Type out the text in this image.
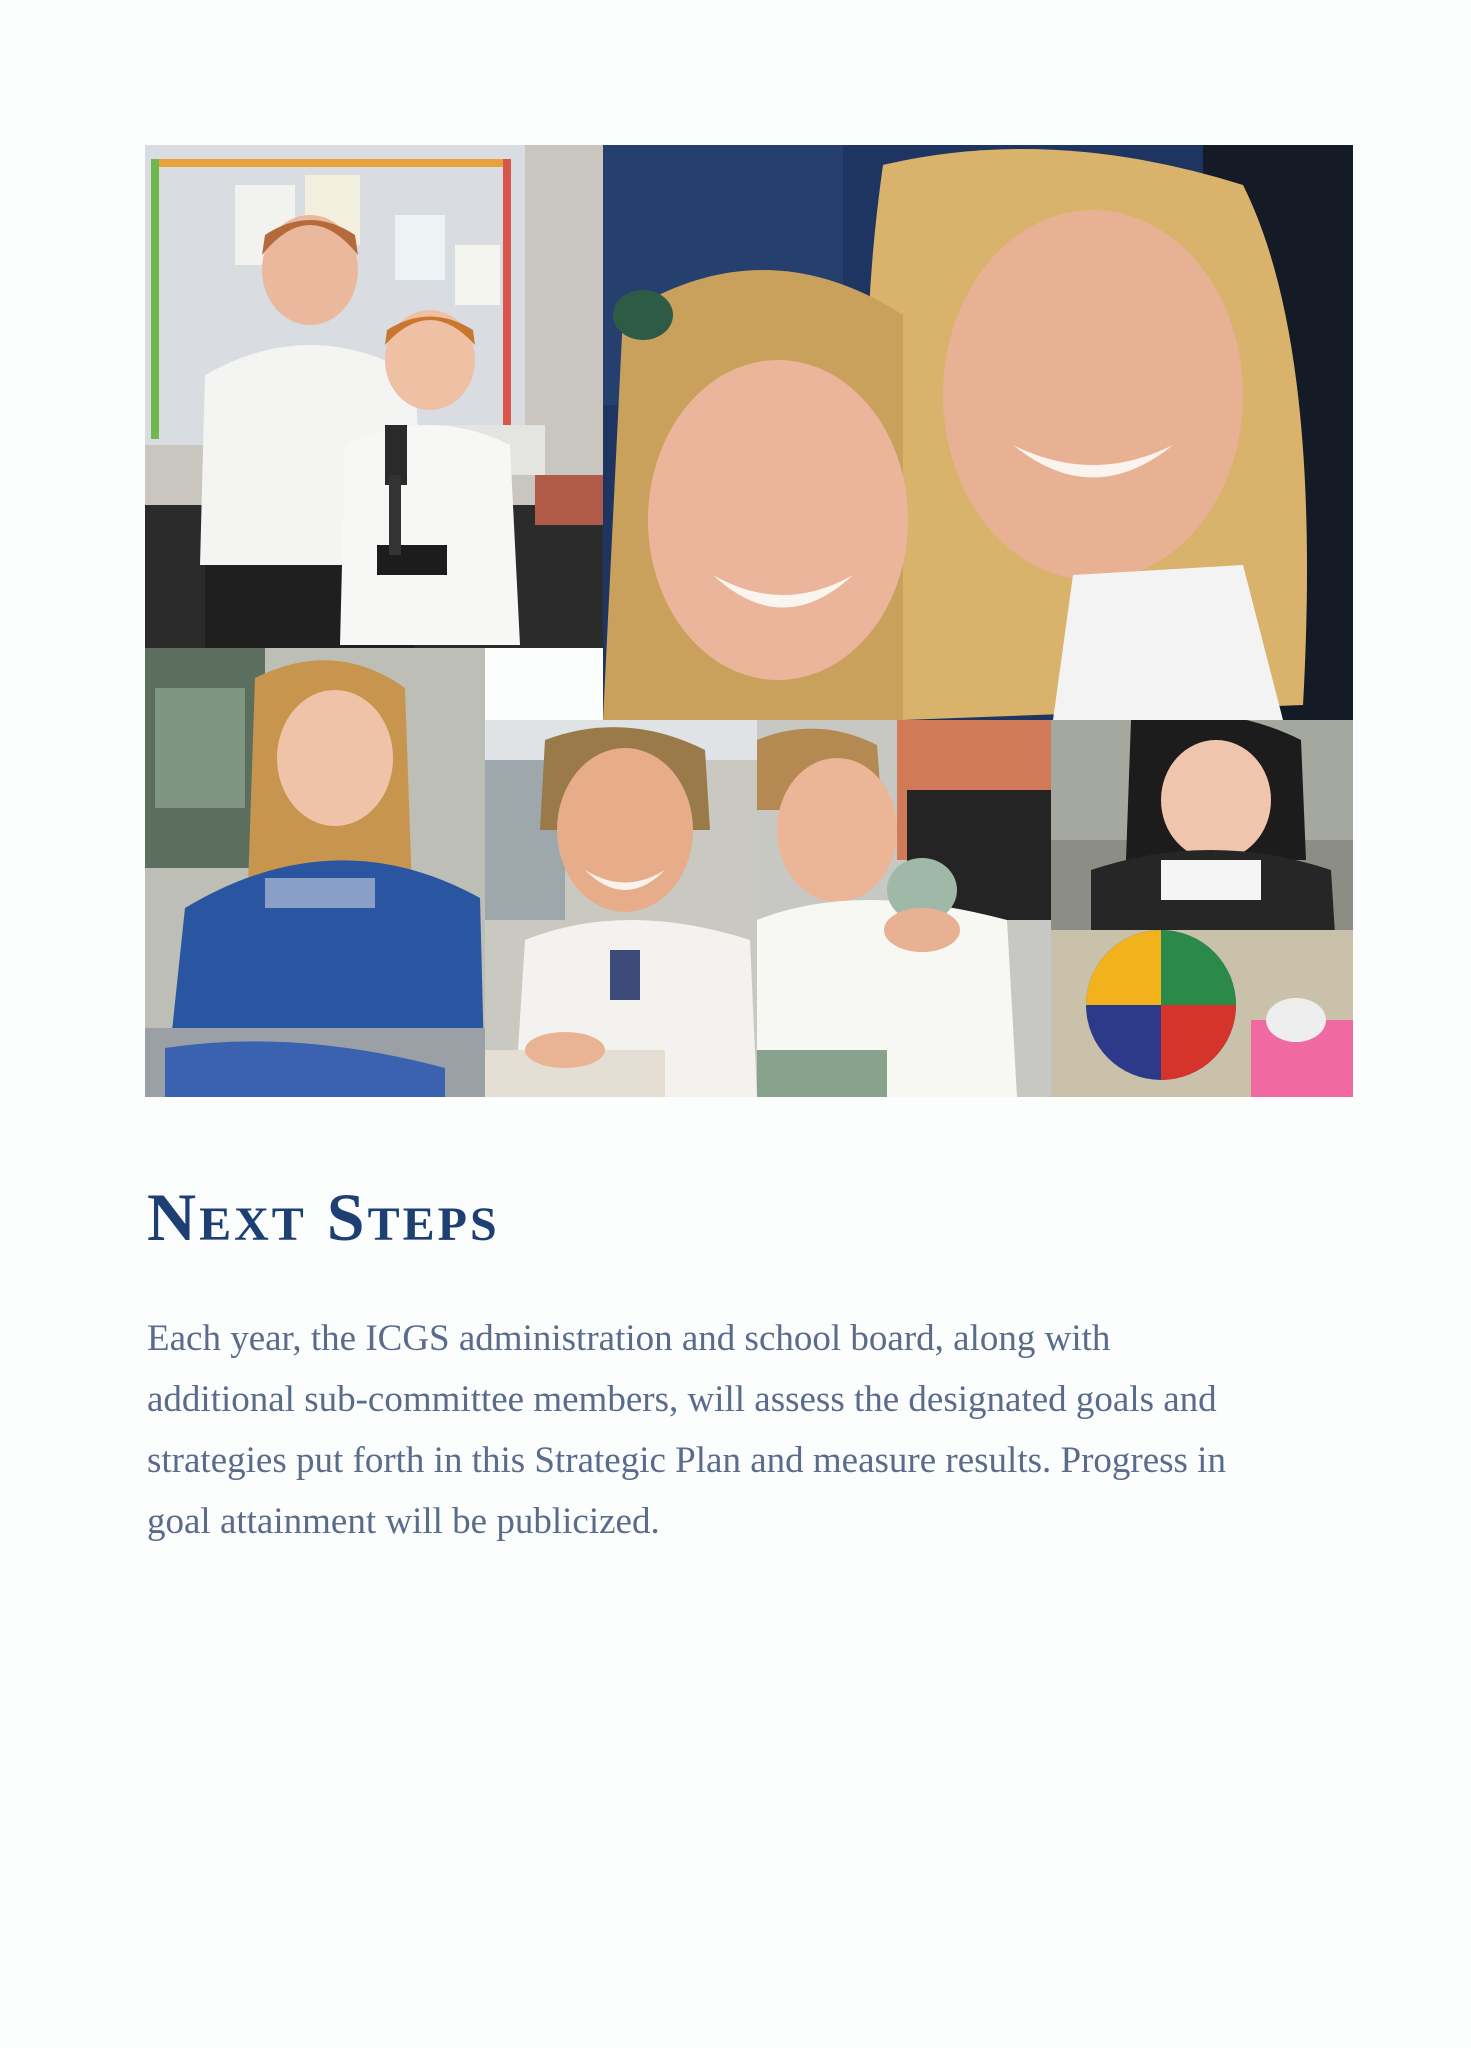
Next Steps

Each year, the ICGS administration and school board, along with
additional sub-committee members, will assess the designated goals and
strategies put forth in this Strategic Plan and measure results. Progress in
goal attainment will be publicized.
